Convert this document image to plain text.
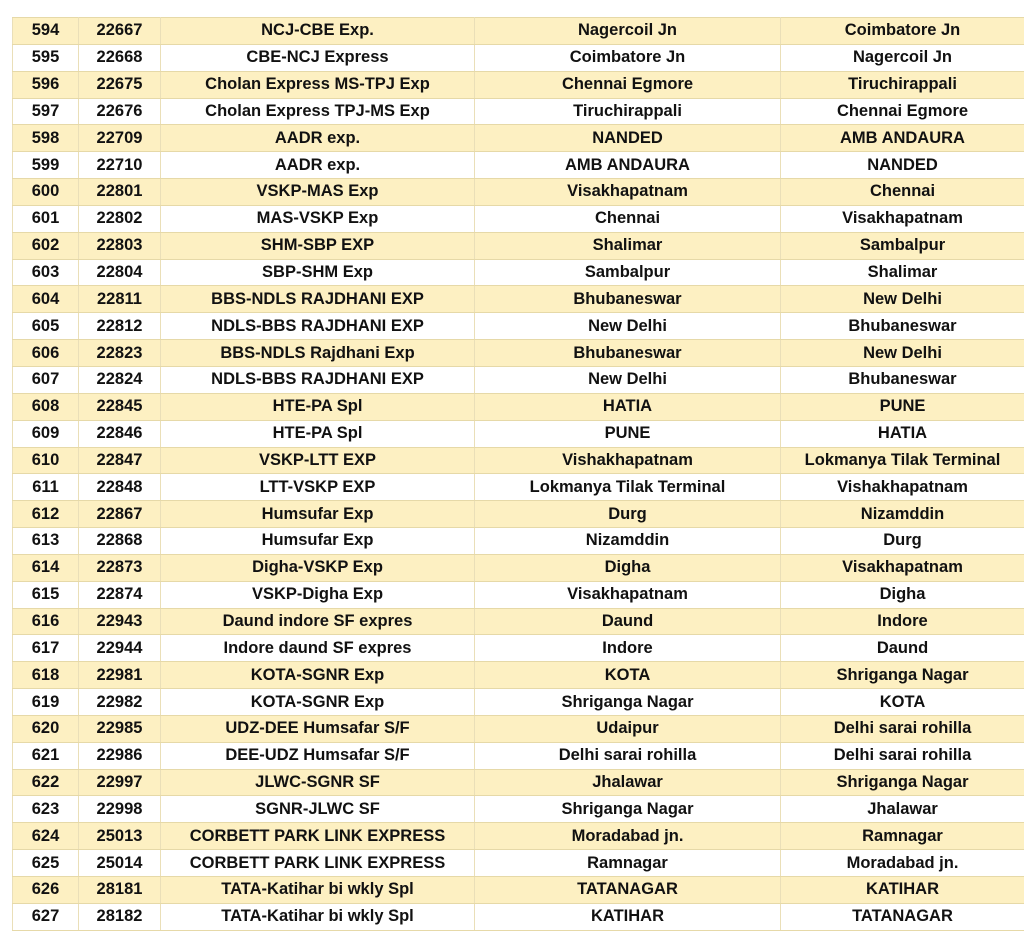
594	22667	NCJ-CBE Exp.	Nagercoil Jn	Coimbatore Jn
595	22668	CBE-NCJ Express	Coimbatore Jn	Nagercoil Jn
596	22675	Cholan Express MS-TPJ Exp	Chennai Egmore	Tiruchirappali
597	22676	Cholan Express TPJ-MS Exp	Tiruchirappali	Chennai Egmore
598	22709	AADR exp.	NANDED	AMB ANDAURA
599	22710	AADR exp.	AMB ANDAURA	NANDED
600	22801	VSKP-MAS Exp	Visakhapatnam	Chennai
601	22802	MAS-VSKP Exp	Chennai	Visakhapatnam
602	22803	SHM-SBP EXP	Shalimar	Sambalpur
603	22804	SBP-SHM Exp	Sambalpur	Shalimar
604	22811	BBS-NDLS RAJDHANI EXP	Bhubaneswar	New Delhi
605	22812	NDLS-BBS RAJDHANI EXP	New Delhi	Bhubaneswar
606	22823	BBS-NDLS Rajdhani Exp	Bhubaneswar	New Delhi
607	22824	NDLS-BBS RAJDHANI EXP	New Delhi	Bhubaneswar
608	22845	HTE-PA Spl	HATIA	PUNE
609	22846	HTE-PA Spl	PUNE	HATIA
610	22847	VSKP-LTT EXP	Vishakhapatnam	Lokmanya Tilak Terminal
611	22848	LTT-VSKP EXP	Lokmanya Tilak Terminal	Vishakhapatnam
612	22867	Humsufar Exp	Durg	Nizamddin
613	22868	Humsufar Exp	Nizamddin	Durg
614	22873	Digha-VSKP Exp	Digha	Visakhapatnam
615	22874	VSKP-Digha Exp	Visakhapatnam	Digha
616	22943	Daund indore SF expres	Daund	Indore
617	22944	Indore daund SF expres	Indore	Daund
618	22981	KOTA-SGNR Exp	KOTA	Shriganga Nagar
619	22982	KOTA-SGNR Exp	Shriganga Nagar	KOTA
620	22985	UDZ-DEE Humsafar S/F	Udaipur	Delhi sarai rohilla
621	22986	DEE-UDZ Humsafar S/F	Delhi sarai rohilla	Delhi sarai rohilla
622	22997	JLWC-SGNR SF	Jhalawar	Shriganga Nagar
623	22998	SGNR-JLWC SF	Shriganga Nagar	Jhalawar
624	25013	CORBETT PARK LINK EXPRESS	Moradabad jn.	Ramnagar
625	25014	CORBETT PARK LINK EXPRESS	Ramnagar	Moradabad jn.
626	28181	TATA-Katihar bi wkly Spl	TATANAGAR	KATIHAR
627	28182	TATA-Katihar bi wkly Spl	KATIHAR	TATANAGAR
